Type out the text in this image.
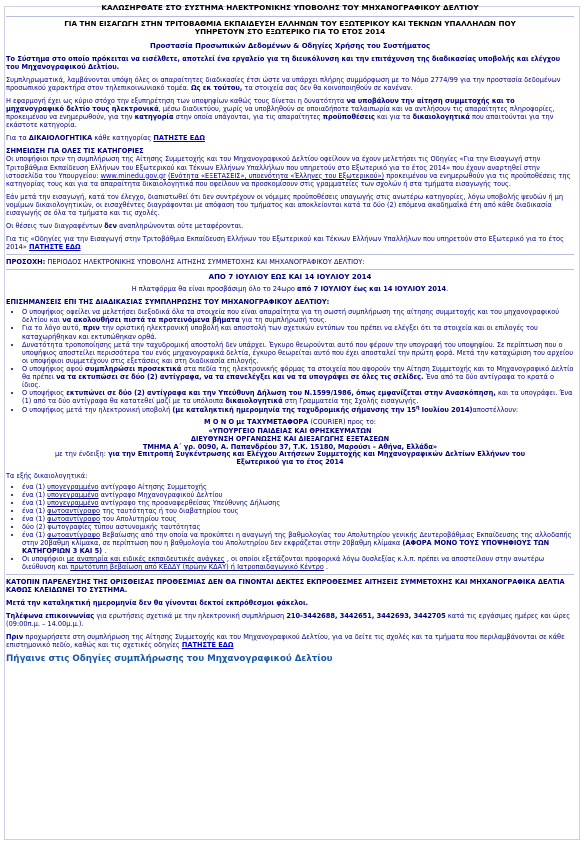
ΚΑΛΩΣΗΡΘΑΤΕ ΣΤΟ ΣΥΣΤΗΜΑ ΗΛΕΚΤΡΟΝΙΚΗΣ ΥΠΟΒΟΛΗΣ ΤΟΥ ΜΗΧΑΝΟΓΡΑΦΙΚΟΥ ΔΕΛΤΙΟΥ
ΓΙΑ ΤΗΝ ΕΙΣΑΓΩΓΗ ΣΤΗΝ ΤΡΙΤΟΒΑΘΜΙΑ ΕΚΠΑΙΔΕΥΣΗ ΕΛΛΗΝΩΝ ΤΟΥ ΕΞΩΤΕΡΙΚΟΥ ΚΑΙ ΤΕΚΝΩΝ ΥΠΑΛΛΗΛΩΝ ΠΟΥ
ΥΠΗΡΕΤΟΥΝ ΣΤΟ ΕΞΩΤΕΡΙΚΟ ΓΙΑ ΤΟ ΕΤΟΣ 2014
Προστασία Προσωπικών Δεδομένων & Οδηγίες Χρήσης του Συστήματος
Το Σύστημα στο οποίο πρόκειται να εισέλθετε, αποτελεί ένα εργαλείο για τη διευκόλυνση και την επιτάχυνση της διαδικασίας υποβολής και ελέγχου του Μηχανογραφικού Δελτίου.
Συμπληρωματικά, λαμβάνονται υπόψη όλες οι απαραίτητες διαδικασίες έτσι ώστε να υπάρχει πλήρης συμμόρφωση με το Νόμο 2774/99 για την προστασία δεδομένων προσωπικού χαρακτήρα στον τηλεπικοινωνιακό τομέα. Ως εκ τούτου, τα στοιχεία σας δεν θα κοινοποιηθούν σε κανέναν.
Η εφαρμογή έχει ως κύριο στόχο την εξυπηρέτηση των υποψηφίων καθώς τους δίνεται η δυνατότητα να υποβάλουν την αίτηση συμμετοχής και το μηχανογραφικό δελτίο τους ηλεκτρονικά, μέσω διαδικτύου, χωρίς να υποβληθούν σε οποιαδήποτε ταλαιπωρία και να αντλήσουν τις απαραίτητες πληροφορίες, προκειμένου να ενημερωθούν, για την κατηγορία στην οποία υπάγονται, για τις απαραίτητες προϋποθέσεις και για τα δικαιολογητικά που απαιτούνται για την εκάστοτε κατηγορία.
Για τα ΔΙΚΑΙΟΛΟΓΗΤΙΚΑ κάθε κατηγορίας ΠΑΤΗΣΤΕ ΕΔΩ
ΣΗΜΕΙΩΣΗ ΓΙΑ ΟΛΕΣ ΤΙΣ ΚΑΤΗΓΟΡΙΕΣ
Οι υποψήφιοι πριν τη συμπλήρωση της Αίτησης Συμμετοχής και του Μηχανογραφικού Δελτίου οφείλουν να έχουν μελετήσει τις Οδηγίες «Για την Εισαγωγή στην Τριτοβάθμια Εκπαίδευση Ελλήνων του Εξωτερικού και Τέκνων Ελλήνων Υπαλλήλων που υπηρετούν στο Εξωτερικό για το έτος 2014» που έχουν αναρτηθεί στην ιστοσελίδα του Υπουργείου: www.minedu.gov.gr (Ενότητα «ΕΞΕΤΑΣΕΙΣ», υποενότητα «Έλληνες του Εξωτερικού») προκειμένου να ενημερωθούν για τις προϋποθέσεις της κατηγορίας τους και για τα απαραίτητα δικαιολογητικά που οφείλουν να προσκομίσουν στις γραμματείες των σχολών ή στα τμήματα εισαγωγής τους.
Εάν μετά την εισαγωγή, κατά τον έλεγχο, διαπιστωθεί ότι δεν συντρέχουν οι νόμιμες προϋποθέσεις υπαγωγής στις ανωτέρω κατηγορίες, λόγω υποβολής ψευδών ή μη νομίμων δικαιολογητικών, οι εισαχθέντες διαγράφονται με απόφαση του τμήματος και αποκλείονται κατά τα δύο (2) επόμενα ακαδημαϊκά έτη από κάθε διαδικασία εισαγωγής σε όλα τα τμήματα και τις σχολές.
Οι θέσεις των διαγραφέντων δεν αναπληρώνονται ούτε μεταφέρονται.
Για τις «Οδηγίες για την Εισαγωγή στην Τριτοβάθμια Εκπαίδευση Ελλήνων του Εξωτερικού και Τέκνων Ελλήνων Υπαλλήλων που υπηρετούν στο Εξωτερικό για το έτος 2014» ΠΑΤΗΣΤΕ ΕΔΩ
ΠΡΟΣΟΧΗ: ΠΕΡΙΟΔΟΣ ΗΛΕΚΤΡΟΝΙΚΗΣ ΥΠΟΒΟΛΗΣ ΑΙΤΗΣΗΣ ΣΥΜΜΕΤΟΧΗΣ ΚΑΙ ΜΗΧΑΝΟΓΡΑΦΙΚΟΥ ΔΕΛΤΙΟΥ:
ΑΠΟ 7 ΙΟΥΛΙΟΥ ΕΩΣ ΚΑΙ 14 ΙΟΥΛΙΟΥ 2014
Η πλατφόρμα θα είναι προσβάσιμη όλο το 24ωρο από 7 ΙΟΥΛΙΟΥ έως και 14 ΙΟΥΛΙΟΥ 2014.
ΕΠΙΣΗΜΑΝΣΕΙΣ ΕΠΙ ΤΗΣ ΔΙΑΔΙΚΑΣΙΑΣ ΣΥΜΠΛΗΡΩΣΗΣ ΤΟΥ ΜΗΧΑΝΟΓΡΑΦΙΚΟΥ ΔΕΛΤΙΟΥ:
• Ο υποψήφιος οφείλει να μελετήσει διεξοδικά όλα τα στοιχεία που είναι απαραίτητα για τη σωστή συμπλήρωση της αίτησης συμμετοχής και του μηχανογραφικού δελτίου και να ακολουθήσει πιστά τα προτεινόμενα βήματα για τη συμπλήρωσή τους.
• Για το λόγο αυτό, πριν την οριστική ηλεκτρονική υποβολή και αποστολή των σχετικών εντύπων του πρέπει να ελέγξει ότι τα στοιχεία και οι επιλογές του καταχωρήθηκαν και εκτυπώθηκαν ορθά.
• Δυνατότητα τροποποίησης μετά την ταχυδρομική αποστολή δεν υπάρχει. Έγκυρο θεωρούνται αυτό που φέρουν την υπογραφή του υποψηφίου. Σε περίπτωση που ο υποψήφιος αποστείλει περισσότερα του ενός μηχανογραφικά δελτία, έγκυρο θεωρείται αυτό που έχει αποσταλεί την πρώτη φορά. Μετά την καταχώριση του αρχείου οι υποψήφιοι συμμετέχουν στις εξετάσεις και στη διαδικασία επιλογής.
• Ο υποψήφιος αφού συμπληρώσει προσεκτικά στα πεδία της ηλεκτρονικής φόρμας τα στοιχεία που αφορούν την Αίτηση Συμμετοχής και το Μηχανογραφικό Δελτίο θα πρέπει να τα εκτυπώσει σε δύο (2) αντίγραφα, να τα επανελέγξει και να τα υπογράψει σε όλες τις σελίδες. Ένα από τα δύο αντίγραφα το κρατά ο ίδιος.
• Ο υποψήφιος εκτυπώνει σε δύο (2) αντίγραφα και την Υπεύθυνη Δήλωση του Ν.1599/1986, όπως εμφανίζεται στην Ανασκόπηση, και τα υπογράφει. Ένα (1) από τα δύο αντίγραφα θα κατατεθεί μαζί με τα υπόλοιπα δικαιολογητικά στη Γραμματεία της Σχολής εισαγωγής.
• Ο υποψήφιος μετά την ηλεκτρονική υποβολή (με καταληκτική ημερομηνία της ταχυδρομικής σήμανσης την $15^\eta$ Ιουλίου 2014)αποστέλλουν:
Μ Ο Ν Ο με ΤΑΧΥΜΕΤΑΦΟΡΑ (COURIER) προς το:
«ΥΠΟΥΡΓΕΙΟ ΠΑΙΔΕΙΑΣ ΚΑΙ ΘΡΗΣΚΕΥΜΑΤΩΝ
ΔΙΕΥΘΥΝΣΗ ΟΡΓΑΝΩΣΗΣ ΚΑΙ ΔΙΕΞΑΓΩΓΗΣ ΕΞΕΤΑΣΕΩΝ
ΤΜΗΜΑ Α΄ γρ. 0090, Α. Παπανδρέου 37, Τ.Κ. 15180, Μαρούσι – Αθήνα, Ελλάδα»
με την ένδειξη: για την Επιτροπή Συγκέντρωσης και Ελέγχου Αιτήσεων Συμμετοχής και Μηχανογραφικών Δελτίων Ελλήνων του
Εξωτερικού για το έτος 2014
Τα εξής δικαιολογητικά:
• ένα (1) υπογεγραμμένο αντίγραφο Αίτησης Συμμετοχής
• ένα (1) υπογεγραμμένο αντίγραφο Μηχανογραφικού Δελτίου
• ένα (1) υπογεγραμμένο αντίγραφο της προαναφερθείσας Υπεύθυνης Δήλωσης
• ένα (1) φωτοαντίγραφο της ταυτότητας ή του διαβατηρίου τους
• ένα (1) φωτοαντίγραφο του Απολυτηρίου τους
• δύο (2) φωτογραφίες τύπου αστυνομικής ταυτότητας
• ένα (1) φωτοαντίγραφο Βεβαίωσης από την οποία να προκύπτει η αναγωγή της βαθμολογίας του Απολυτηρίου γενικής Δευτεροβάθμιας Εκπαίδευσης της αλλοδαπής στην 20βαθμη κλίμακα, σε περίπτωση που η βαθμολογία του Απολυτηρίου δεν εκφράζεται στην 20βαθμη κλίμακα (ΑΦΟΡΑ ΜΟΝΟ ΤΟΥΣ ΥΠΟΨΗΦΙΟΥΣ ΤΩΝ ΚΑΤΗΓΟΡΙΩΝ 3 ΚΑΙ 5) .
• Οι υποψήφιοι με αναπηρία και ειδικές εκπαιδευτικές ανάγκες , οι οποίοι εξετάζονται προφορικά λόγω δυσλεξίας κ.λ.π. πρέπει να αποστείλουν στην ανωτέρω διεύθυνση και πρωτότυπη βεβαίωση από ΚΕΔΔΥ (πρώην ΚΔΑΥ) ή Ιατροπαιδαγωγικό Κέντρο .
ΚΑΤΟΠΙΝ ΠΑΡΕΛΕΥΣΗΣ ΤΗΣ ΟΡΙΣΘΕΙΣΑΣ ΠΡΟΘΕΣΜΙΑΣ ΔΕΝ ΘΑ ΓΙΝΟΝΤΑΙ ΔΕΚΤΕΣ ΕΚΠΡΟΘΕΣΜΕΣ ΑΙΤΗΣΕΙΣ ΣΥΜΜΕΤΟΧΗΣ ΚΑΙ ΜΗΧΑΝΟΓΡΑΦΙΚΑ ΔΕΛΤΙΑ ΚΑΘΩΣ ΚΛΕΙΔΩΝΕΙ ΤΟ ΣΥΣΤΗΜΑ.
Μετά την καταληκτική ημερομηνία δεν θα γίνονται δεκτοί εκπρόθεσμοι φάκελοι.
Τηλέφωνα επικοινωνίας για ερωτήσεις σχετικά με την ηλεκτρονική συμπλήρωση 210-3442688, 3442651, 3442693, 3442705 κατά τις εργάσιμες ημέρες και ώρες (09:00π.μ. – 14.00μ.μ.).
Πριν προχωρήσετε στη συμπλήρωση της Αίτησης Συμμετοχής και του Μηχανογραφικού Δελτίου, για να δείτε τις σχολές και τα τμήματα που περιλαμβάνονται σε κάθε επιστημονικό πεδίο, καθώς και τις σχετικές οδηγίες ΠΑΤΗΣΤΕ ΕΔΩ
Πήγαινε στις Οδηγίες συμπλήρωσης του Μηχανογραφικού Δελτίου
